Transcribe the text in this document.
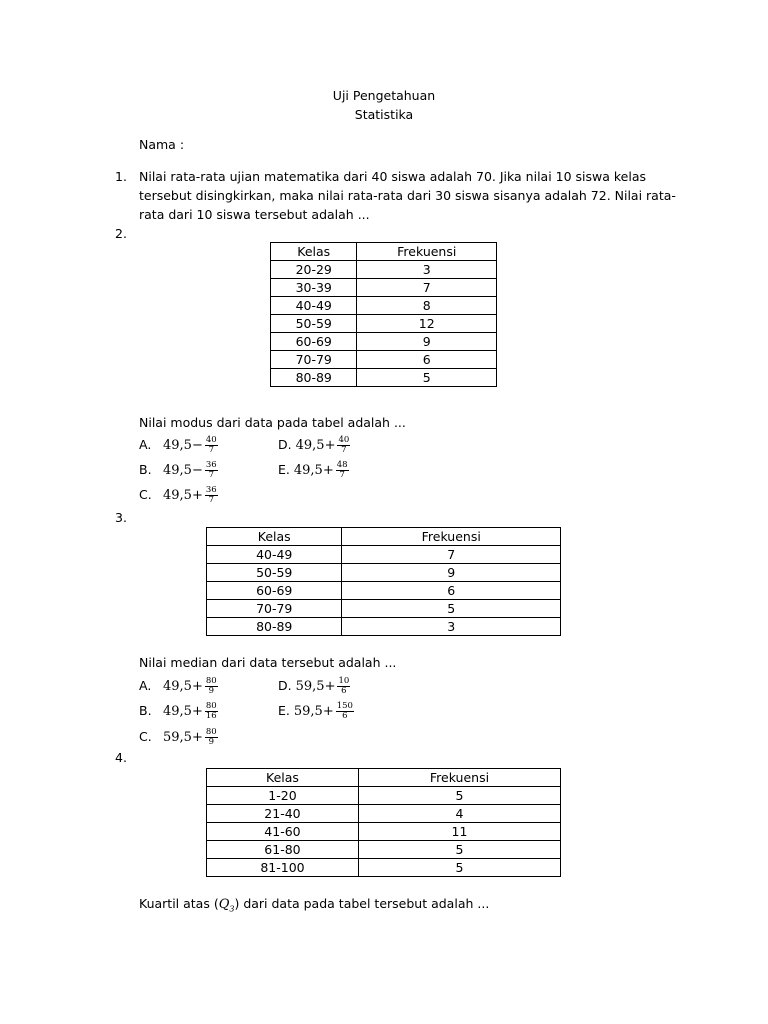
Uji Pengetahuan
Statistika
Nama :
1. Nilai rata-rata ujian matematika dari 40 siswa adalah 70. Jika nilai 10 siswa kelas tersebut disingkirkan, maka nilai rata-rata dari 30 siswa sisanya adalah 72. Nilai rata-rata dari 10 siswa tersebut adalah ...
2.
Kelas	Frekuensi
20-29	3
30-39	7
40-49	8
50-59	12
60-69	9
70-79	6
80-89	5
Nilai modus dari data pada tabel adalah ...
A. $49,5- \frac{40}{7}$
B. $49,5- \frac{36}{7}$
C. $49,5+ \frac{36}{7}$
D. $49,5+ \frac{40}{7}$
E. $49,5+ \frac{48}{7}$
3.
Kelas	Frekuensi
40-49	7
50-59	9
60-69	6
70-79	5
80-89	3
Nilai median dari data tersebut adalah ...
A. $49,5+ \frac{80}{9}$
B. $49,5+ \frac{80}{16}$
C. $59,5+ \frac{80}{9}$
D. $59,5+ \frac{10}{6}$
E. $59,5+ \frac{150}{6}$
4.
Kelas	Frekuensi
1-20	5
21-40	4
41-60	11
61-80	5
81-100	5
Kuartil atas $(Q_3)$ dari data pada tabel tersebut adalah ...
